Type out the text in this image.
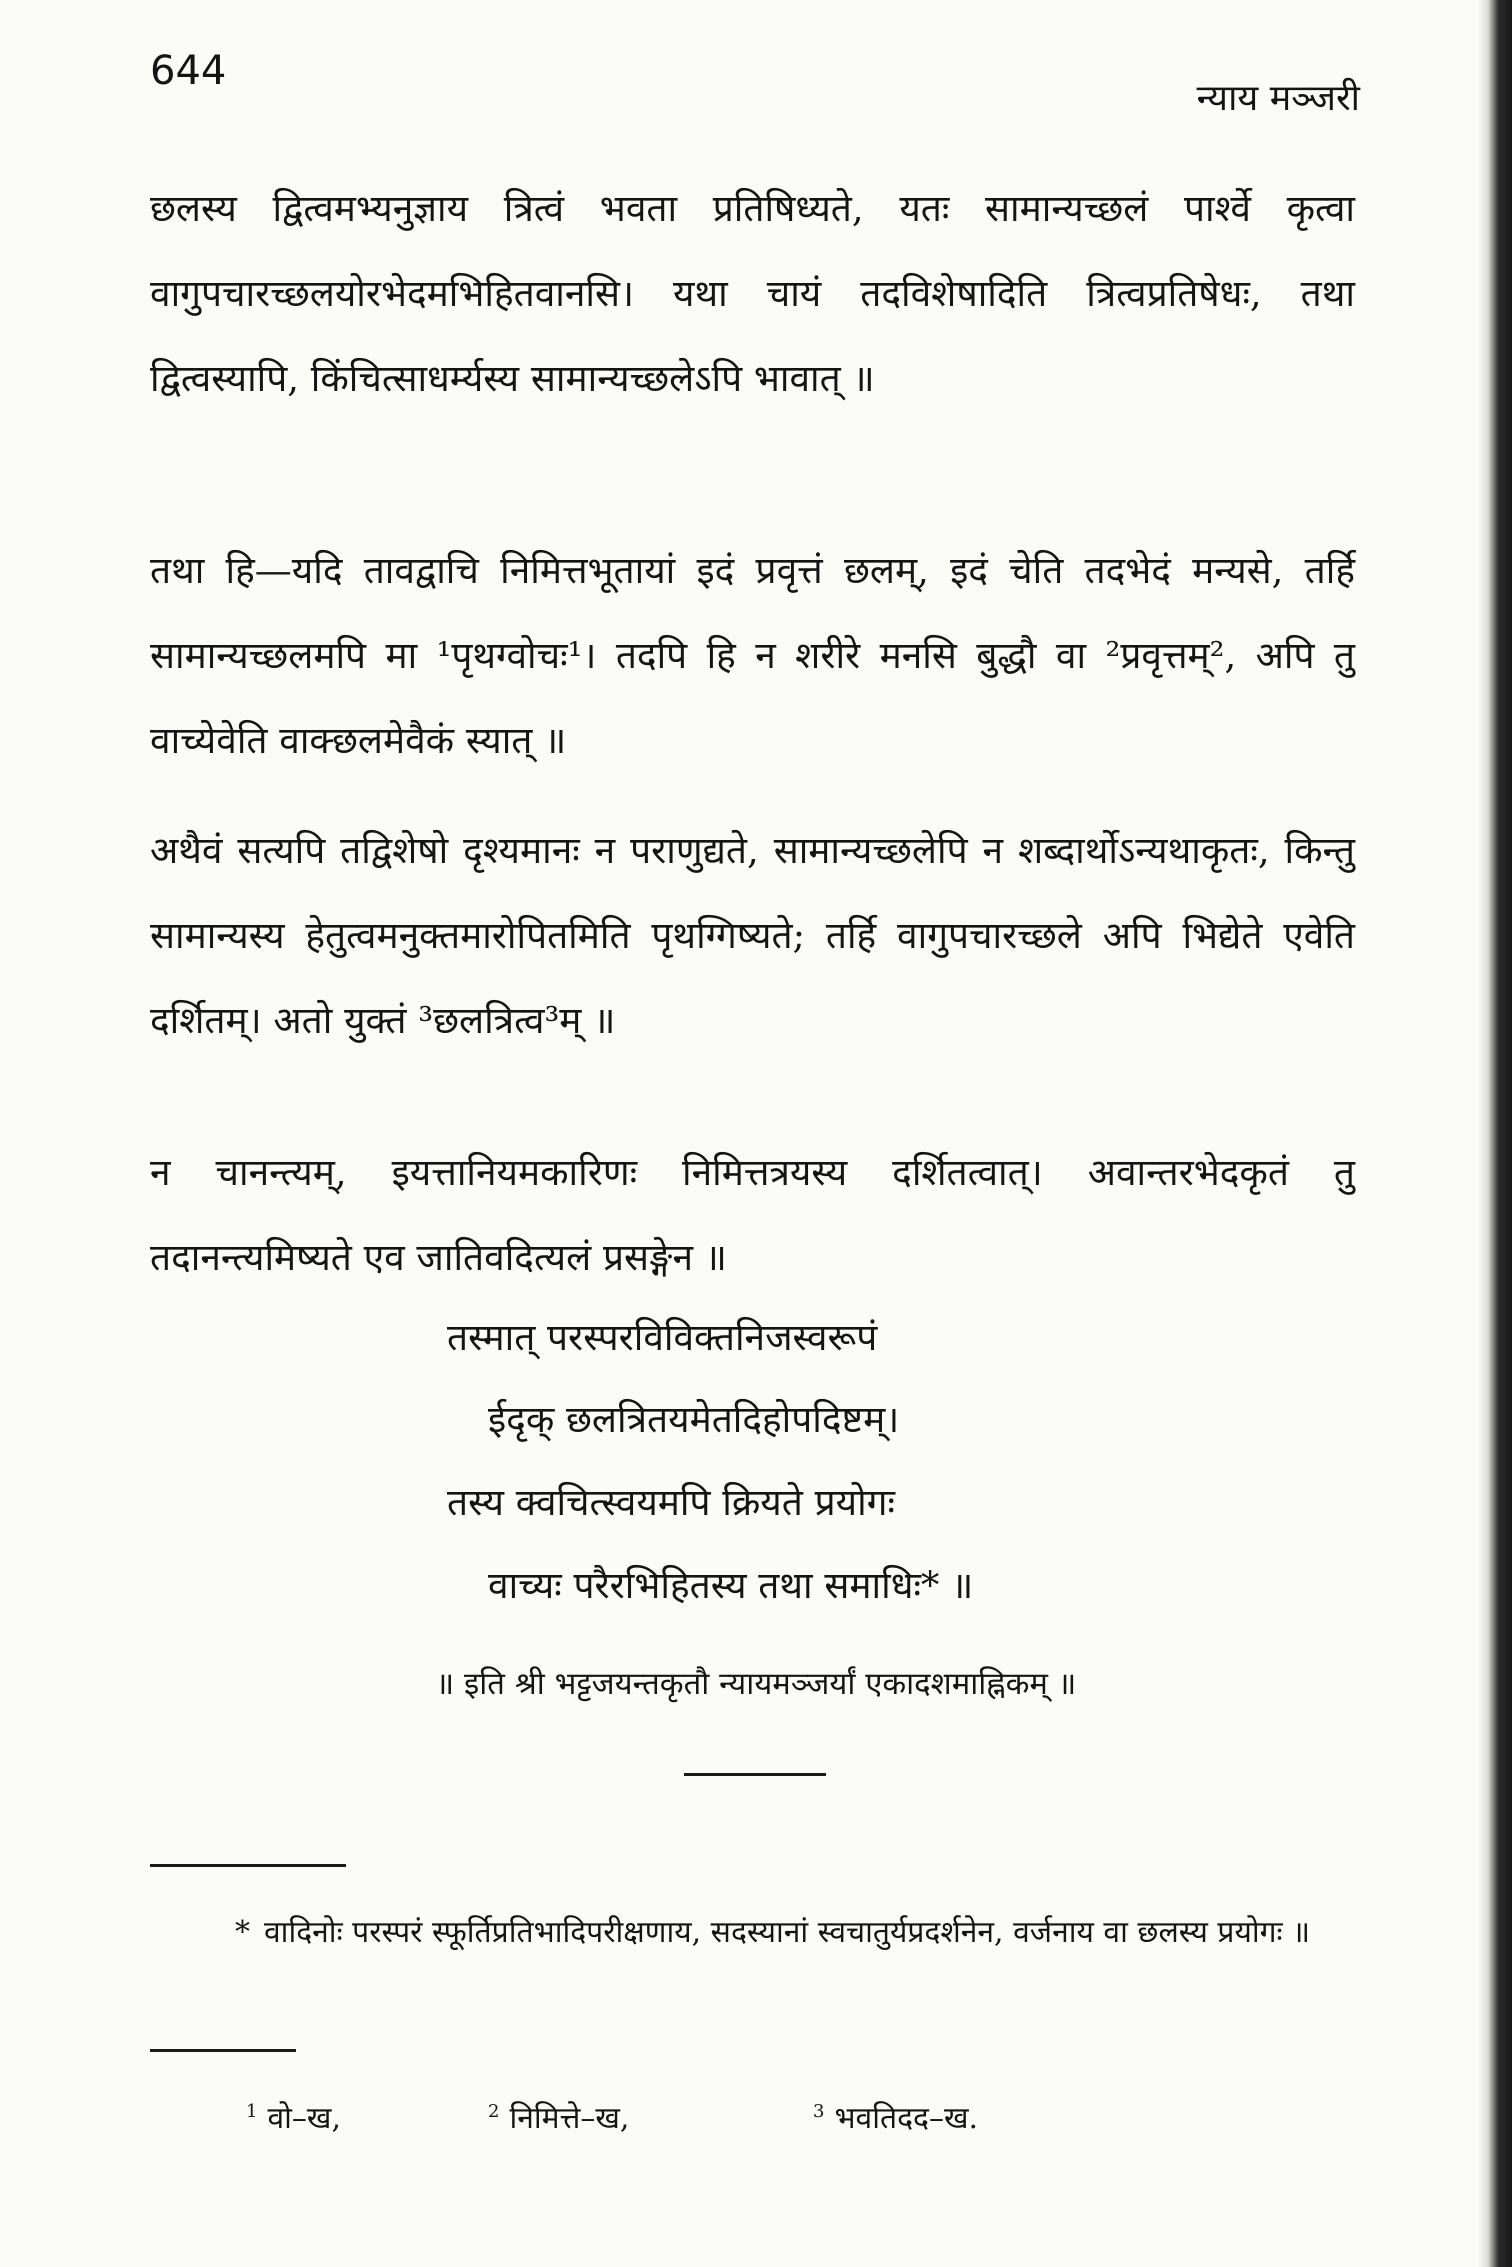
644
न्याय मञ्जरी
छलस्य द्वित्वमभ्यनुज्ञाय त्रित्वं भवता प्रतिषिध्यते, यतः सामान्यच्छलं पार्श्वे कृत्वा वागुपचारच्छलयोरभेदमभिहितवानसि। यथा चायं तदविशेषादिति त्रित्वप्रतिषेधः, तथा द्वित्वस्यापि, किंचित्साधर्म्यस्य सामान्यच्छलेऽपि भावात् ॥
तथा हि—यदि तावद्वाचि निमित्तभूतायां इदं प्रवृत्तं छलम्, इदं चेति तदभेदं मन्यसे, तर्हि सामान्यच्छलमपि मा ¹पृथग्वोचः¹। तदपि हि न शरीरे मनसि बुद्धौ वा ²प्रवृत्तम्², अपि तु वाच्येवेति वाक्छलमेवैकं स्यात् ॥
अथैवं सत्यपि तद्विशेषो दृश्यमानः न पराणुद्यते, सामान्यच्छलेपि न शब्दार्थोऽन्यथाकृतः, किन्तु सामान्यस्य हेतुत्वमनुक्तमारोपितमिति पृथग्गिष्यते; तर्हि वागुपचारच्छले अपि भिद्येते एवेति दर्शितम्। अतो युक्तं ³छलत्रित्व³म् ॥
न चानन्त्यम्, इयत्तानियमकारिणः निमित्तत्रयस्य दर्शितत्वात्। अवान्तरभेदकृतं तु तदानन्त्यमिष्यते एव जातिवदित्यलं प्रसङ्गेन ॥
तस्मात् परस्परविविक्तनिजस्वरूपं
ईदृक् छलत्रितयमेतदिहोपदिष्टम्।
तस्य क्वचित्स्वयमपि क्रियते प्रयोगः
वाच्यः परैरभिहितस्य तथा समाधिः* ॥
॥ इति श्री भट्टजयन्तकृतौ न्यायमञ्जर्यां एकादशमाह्निकम् ॥
* वादिनोः परस्परं स्फूर्तिप्रतिभादिपरीक्षणाय, सदस्यानां स्वचातुर्यप्रदर्शनेन, वर्जनाय वा छलस्य प्रयोगः ॥
$^1$ वो–ख,	$^2$ निमित्ते–ख,	$^3$ भवतिदद–ख.
